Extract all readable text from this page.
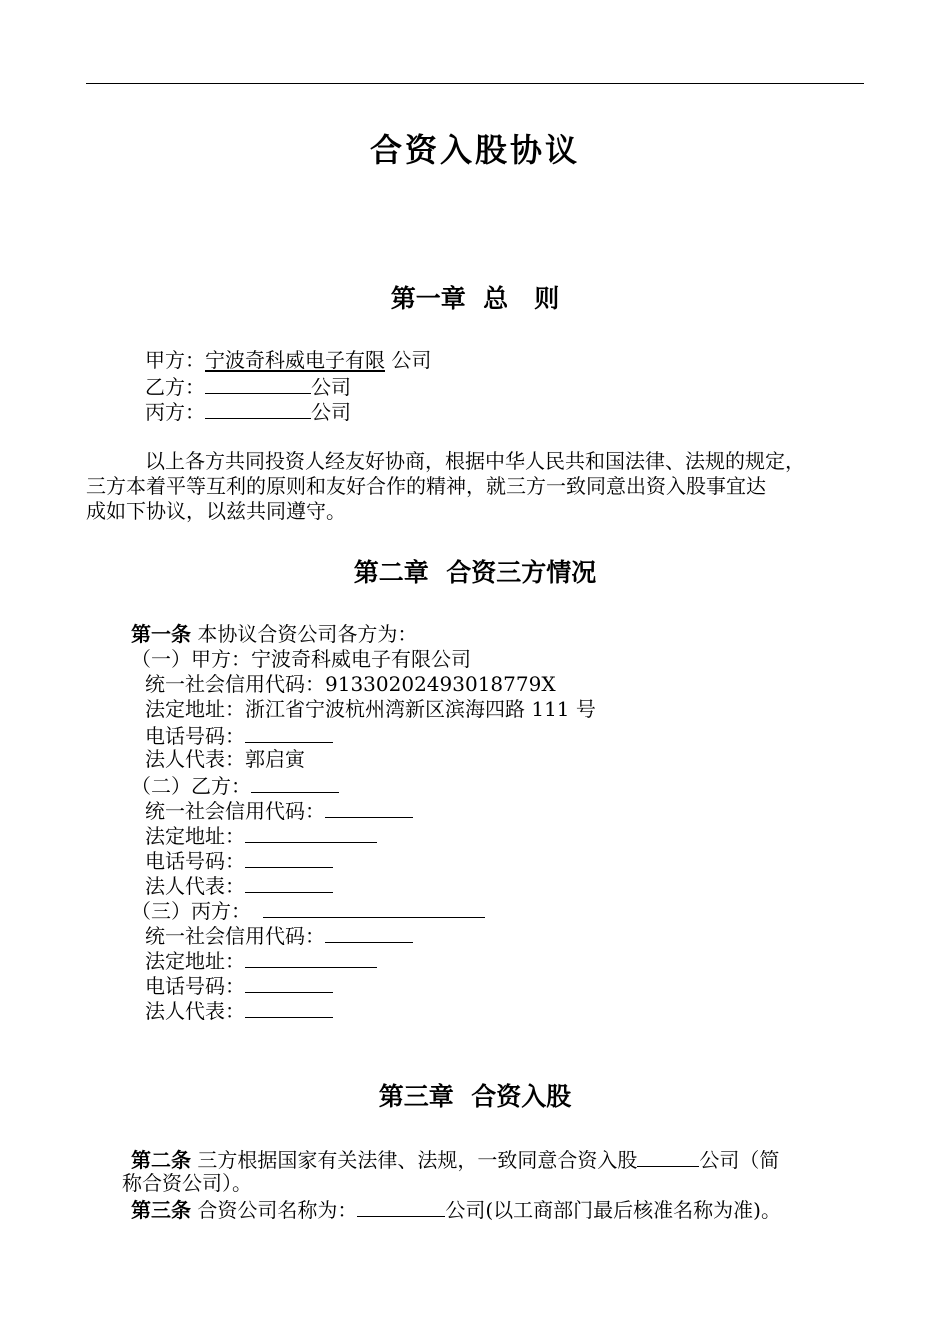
合资入股协议
第一章  总   则
甲方：宁波奇科威电子有限 公司
乙方：	公司
丙方：	公司
以上各方共同投资人经友好协商，根据中华人民共和国法律、法规的规定，
三方本着平等互利的原则和友好合作的精神，就三方一致同意出资入股事宜达
成如下协议，以兹共同遵守。
第二章  合资三方情况
第一条 本协议合资公司各方为：
（一）甲方：宁波奇科威电子有限公司
统一社会信用代码：91330202493018779X
法定地址：浙江省宁波杭州湾新区滨海四路 111 号
电话号码：
法人代表：郭启寅
（二）乙方：
统一社会信用代码：
法定地址：
电话号码：
法人代表：
（三）丙方：
统一社会信用代码：
法定地址：
电话号码：
法人代表：
第三章  合资入股
第二条 三方根据国家有关法律、法规，一致同意合资入股	公司（简
称合资公司）。
第三条 合资公司名称为：	公司(以工商部门最后核准名称为准)。
